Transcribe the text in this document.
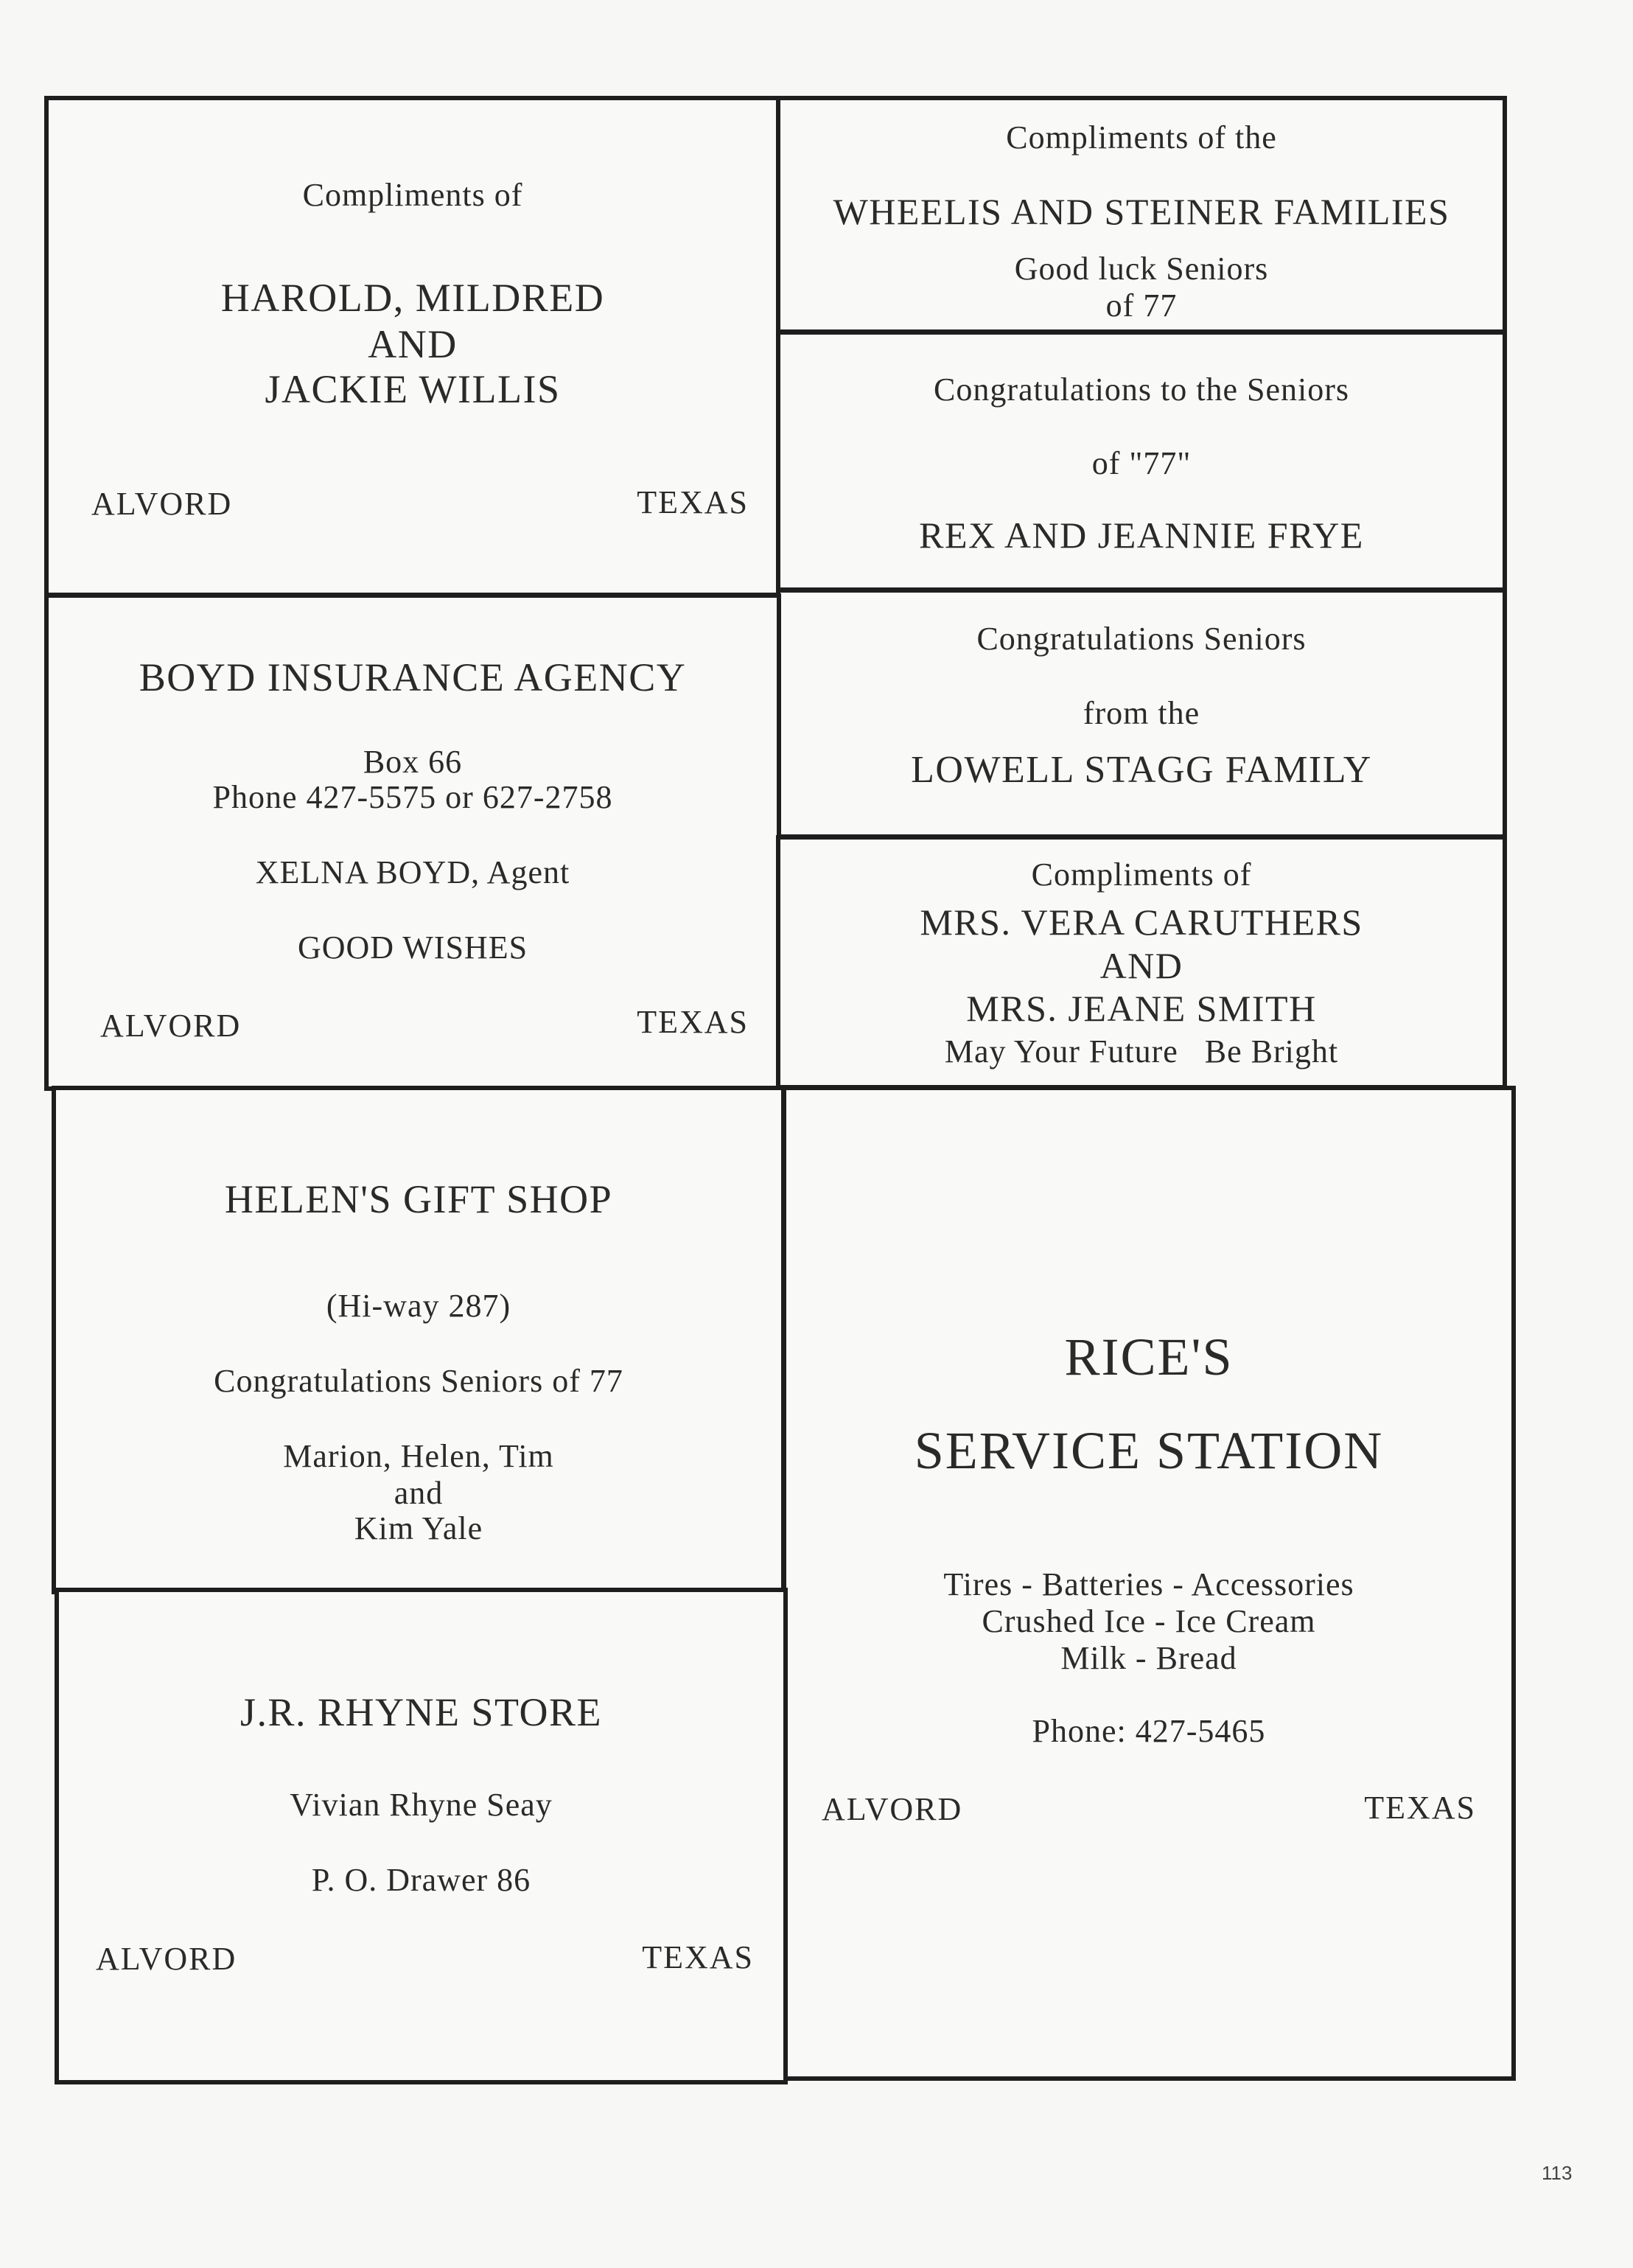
Compliments of
HAROLD, MILDRED
AND
JACKIE WILLIS
ALVORD	TEXAS
Compliments of the
WHEELIS AND STEINER FAMILIES
Good luck Seniors
of 77
Congratulations to the Seniors
of "77"
REX AND JEANNIE FRYE
Congratulations Seniors
from the
LOWELL STAGG FAMILY
BOYD INSURANCE AGENCY
Box 66
Phone 427-5575 or 627-2758
XELNA BOYD, Agent
GOOD WISHES
ALVORD	TEXAS
Compliments of
MRS. VERA CARUTHERS
AND
MRS. JEANE SMITH
May Your Future   Be Bright
HELEN'S GIFT SHOP
(Hi-way 287)
Congratulations Seniors of 77
Marion, Helen, Tim
and
Kim Yale
RICE'S
SERVICE STATION
Tires - Batteries - Accessories
Crushed Ice - Ice Cream
Milk - Bread
Phone: 427-5465
ALVORD	TEXAS
J.R. RHYNE STORE
Vivian Rhyne Seay
P. O. Drawer 86
ALVORD	TEXAS
113
